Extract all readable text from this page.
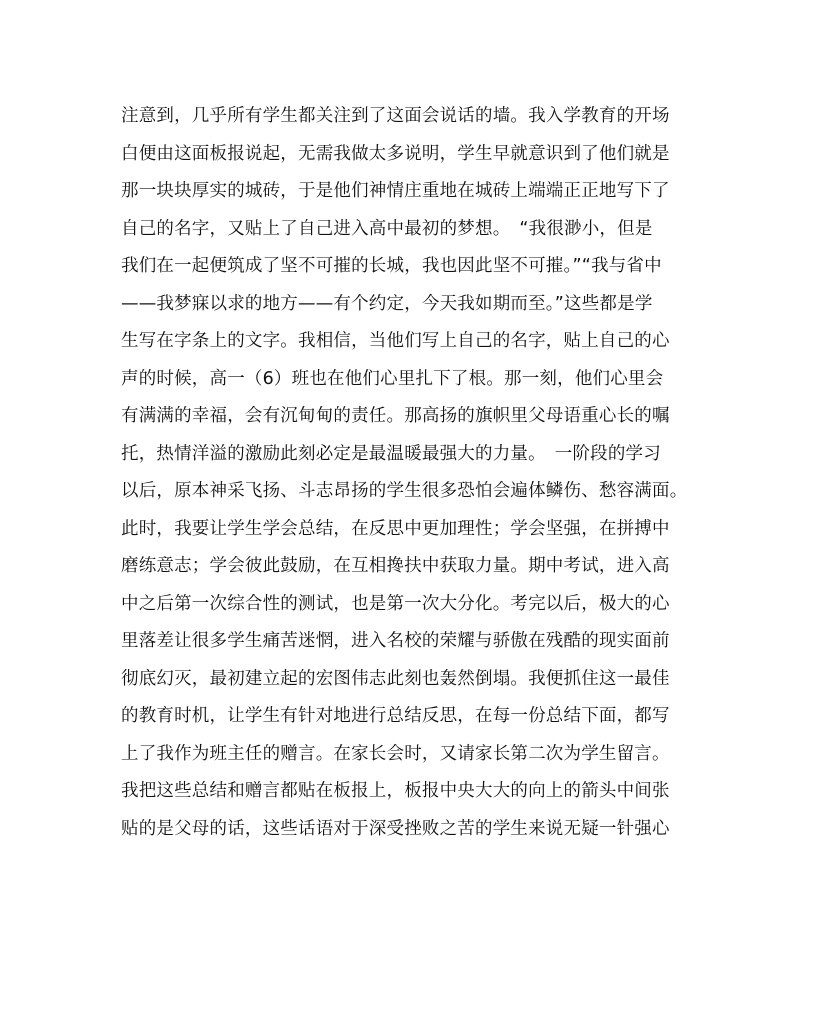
注意到，几乎所有学生都关注到了这面会说话的墙。我入学教育的开场
白便由这面板报说起，无需我做太多说明，学生早就意识到了他们就是
那一块块厚实的城砖，于是他们神情庄重地在城砖上端端正正地写下了
自己的名字，又贴上了自己进入高中最初的梦想。　“我很渺小，但是
我们在一起便筑成了坚不可摧的长城，我也因此坚不可摧。”“我与省中
——我梦寐以求的地方——有个约定，今天我如期而至。”这些都是学
生写在字条上的文字。我相信，当他们写上自己的名字，贴上自己的心
声的时候，高一（6）班也在他们心里扎下了根。那一刻，他们心里会
有满满的幸福，会有沉甸甸的责任。那高扬的旗帜里父母语重心长的嘱
托，热情洋溢的激励此刻必定是最温暖最强大的力量。　一阶段的学习
以后，原本神采飞扬、斗志昂扬的学生很多恐怕会遍体鳞伤、愁容满面。
此时，我要让学生学会总结，在反思中更加理性；学会坚强，在拼搏中
磨练意志；学会彼此鼓励，在互相搀扶中获取力量。期中考试，进入高
中之后第一次综合性的测试，也是第一次大分化。考完以后，极大的心
里落差让很多学生痛苦迷惘，进入名校的荣耀与骄傲在残酷的现实面前
彻底幻灭，最初建立起的宏图伟志此刻也轰然倒塌。我便抓住这一最佳
的教育时机，让学生有针对地进行总结反思，在每一份总结下面，都写
上了我作为班主任的赠言。在家长会时，又请家长第二次为学生留言。
我把这些总结和赠言都贴在板报上，板报中央大大的向上的箭头中间张
贴的是父母的话，这些话语对于深受挫败之苦的学生来说无疑一针强心
